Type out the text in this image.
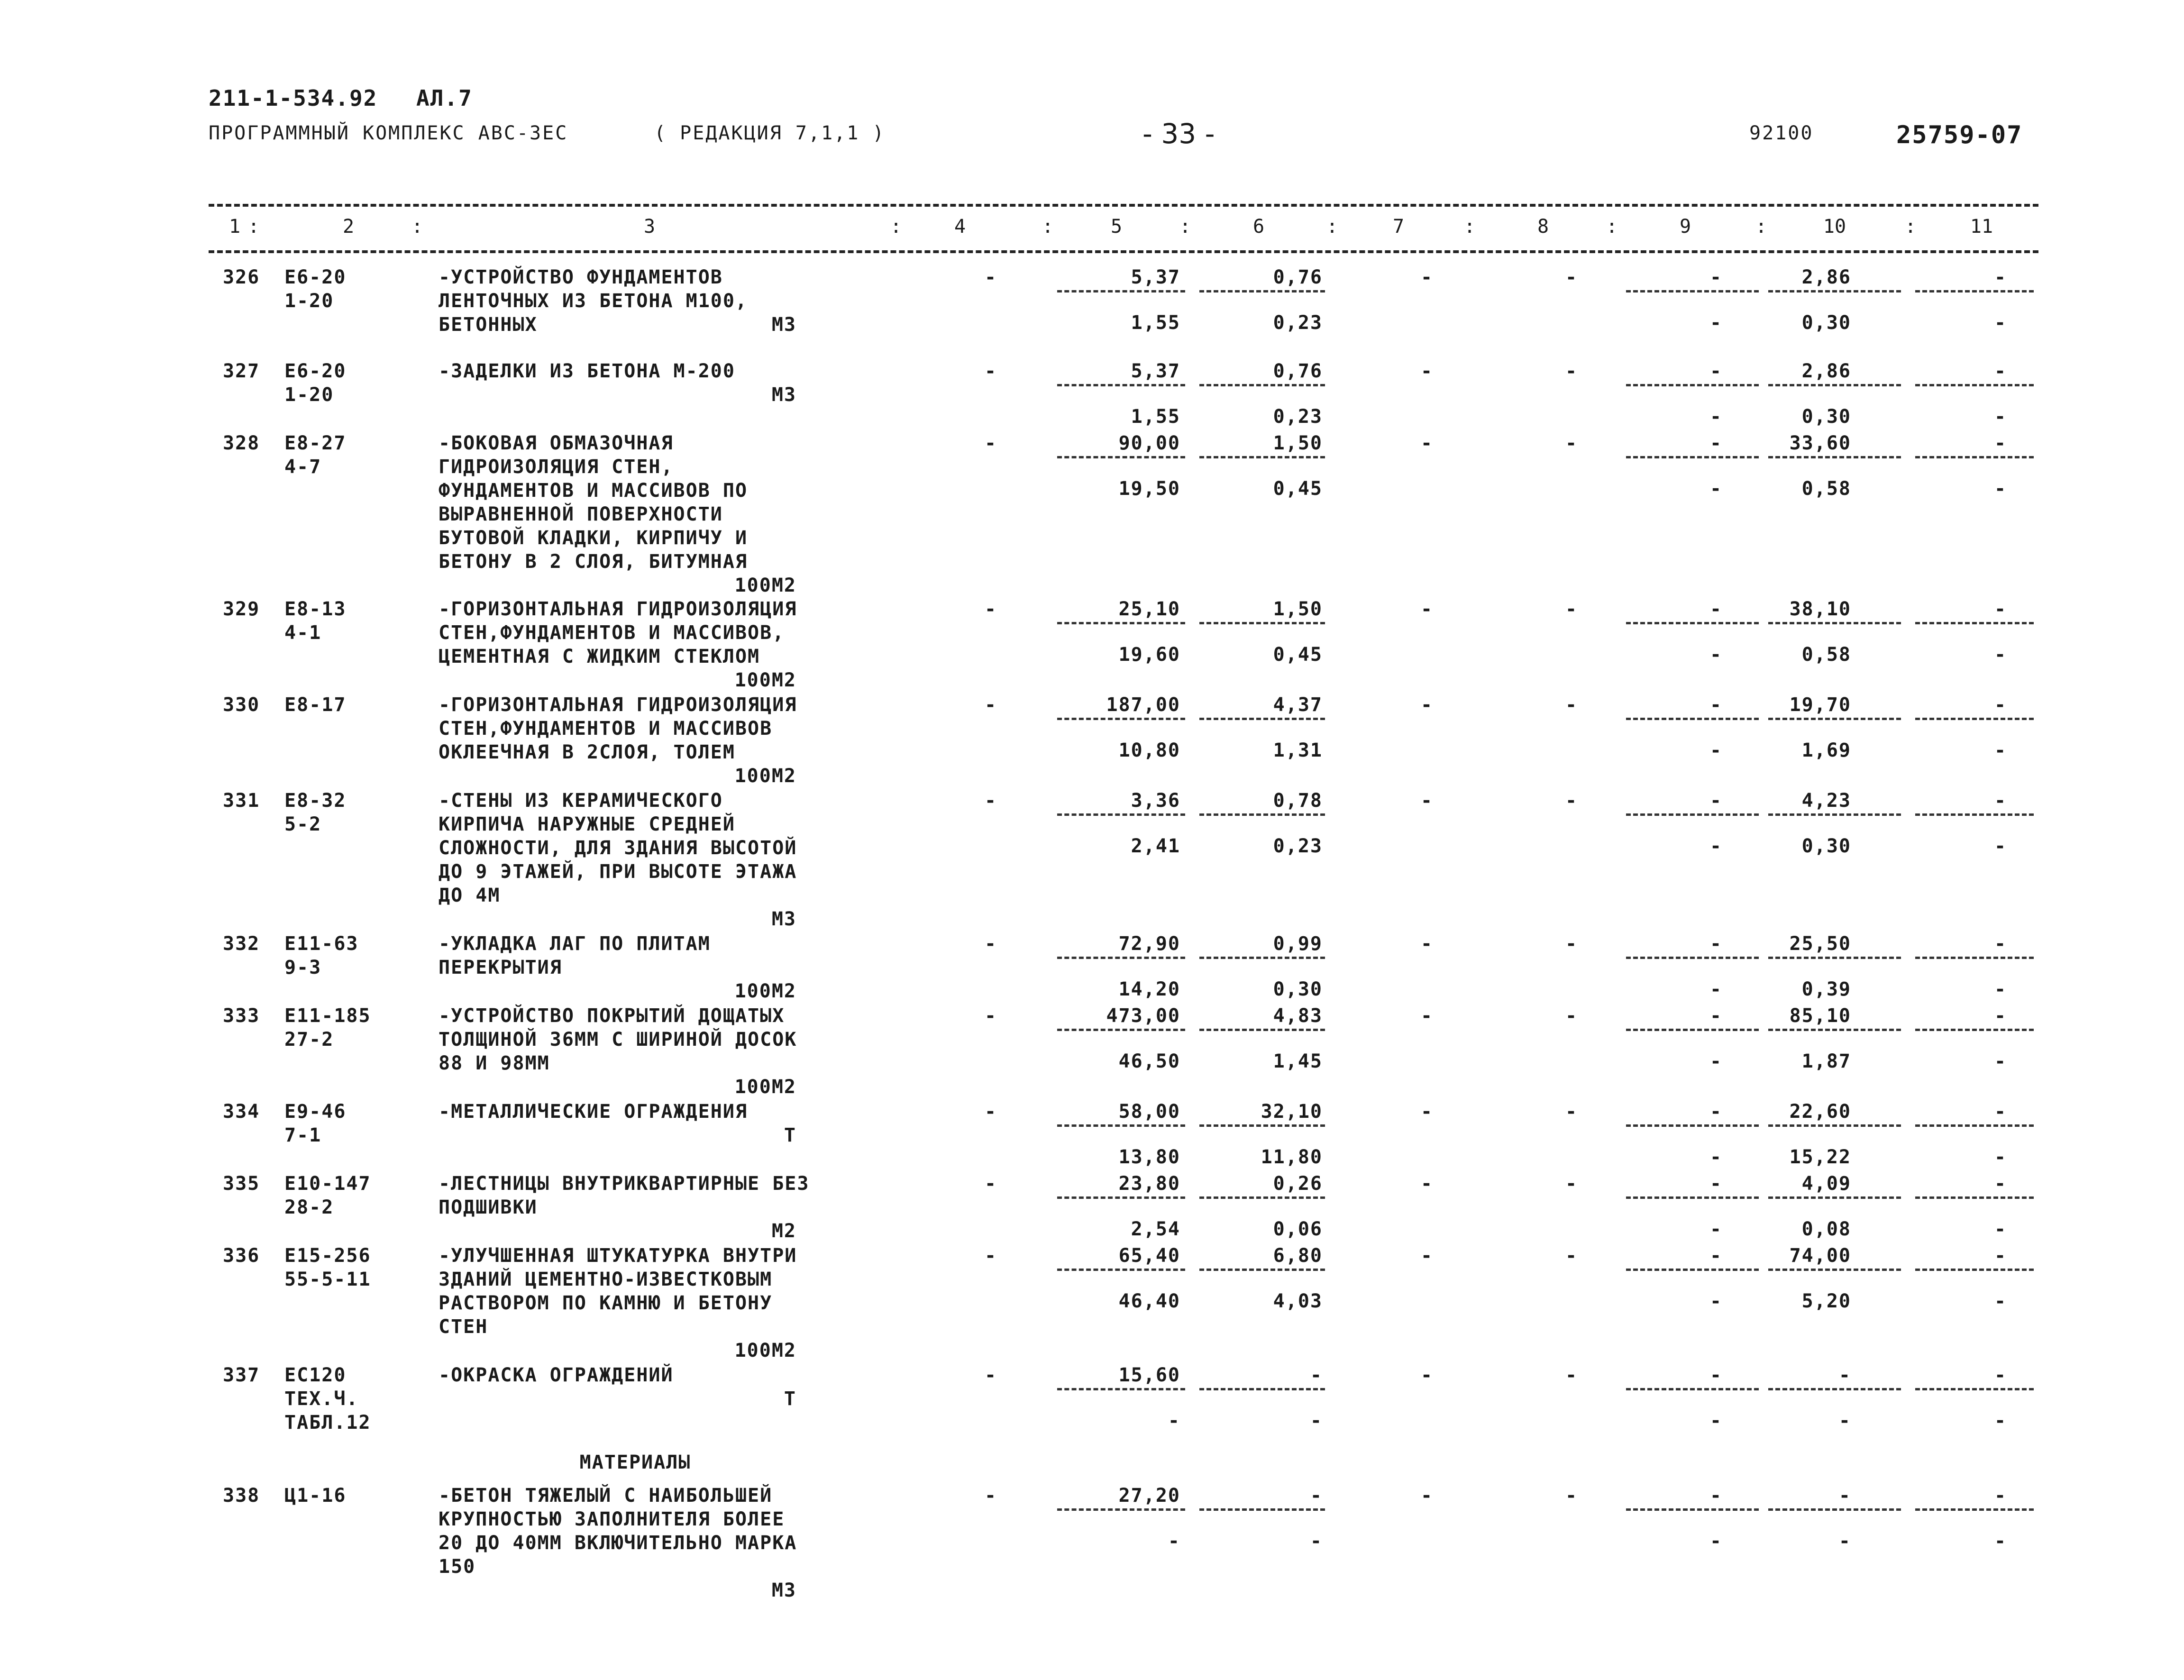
211-1-534.92 АЛ.7
ПРОГРАММНЫЙ КОМПЛЕКС АВС-3ЕС	( РЕДАКЦИЯ 7,1,1 )	- 33 -	92100	25759-07
1	2	3	4	5	6	7	8	9	10	11
:	:	:	:	:	:	:	:	:	:
326 Е6-20
1-20
-УСТРОЙСТВО ФУНДАМЕНТОВ
ЛЕНТОЧНЫХ ИЗ БЕТОНА М100,
БЕТОННЫХ	М3
-	5,37	0,76	-	-	-	2,86	-
1,55	0,23	-	0,30	-
327 Е6-20
1-20
-ЗАДЕЛКИ ИЗ БЕТОНА М-200
М3
-	5,37	0,76	-	-	-	2,86	-
1,55	0,23	-	0,30	-
328 Е8-27
4-7
-БОКОВАЯ ОБМАЗОЧНАЯ
ГИДРОИЗОЛЯЦИЯ СТЕН,
ФУНДАМЕНТОВ И МАССИВОВ ПО
ВЫРАВНЕННОЙ ПОВЕРХНОСТИ
БУТОВОЙ КЛАДКИ, КИРПИЧУ И
БЕТОНУ В 2 СЛОЯ, БИТУМНАЯ
100М2
-	90,00	1,50	-	-	-	33,60	-
19,50	0,45	-	0,58	-
329 Е8-13
4-1
-ГОРИЗОНТАЛЬНАЯ ГИДРОИЗОЛЯЦИЯ
СТЕН,ФУНДАМЕНТОВ И МАССИВОВ,
ЦЕМЕНТНАЯ С ЖИДКИМ СТЕКЛОМ
100М2
-	25,10	1,50	-	-	-	38,10	-
19,60	0,45	-	0,58	-
330 Е8-17	-ГОРИЗОНТАЛЬНАЯ ГИДРОИЗОЛЯЦИЯ
СТЕН,ФУНДАМЕНТОВ И МАССИВОВ
ОКЛЕЕЧНАЯ В 2СЛОЯ, ТОЛЕМ
100М2
-	187,00	4,37	-	-	-	19,70	-
10,80	1,31	-	1,69	-
331 Е8-32
5-2
-СТЕНЫ ИЗ КЕРАМИЧЕСКОГО
КИРПИЧА НАРУЖНЫЕ СРЕДНЕЙ
СЛОЖНОСТИ, ДЛЯ ЗДАНИЯ ВЫСОТОЙ
ДО 9 ЭТАЖЕЙ, ПРИ ВЫСОТЕ ЭТАЖА
ДО 4М
М3
-	3,36	0,78	-	-	-	4,23	-
2,41	0,23	-	0,30	-
332 Е11-63
9-3
-УКЛАДКА ЛАГ ПО ПЛИТАМ
ПЕРЕКРЫТИЯ
100М2
-	72,90	0,99	-	-	-	25,50	-
14,20	0,30	-	0,39	-
333 Е11-185
27-2
-УСТРОЙСТВО ПОКРЫТИЙ ДОЩАТЫХ
ТОЛЩИНОЙ 36ММ С ШИРИНОЙ ДОСОК
88 И 98ММ
100М2
-	473,00	4,83	-	-	-	85,10	-
46,50	1,45	-	1,87	-
334 Е9-46
7-1
-МЕТАЛЛИЧЕСКИЕ ОГРАЖДЕНИЯ
Т
-	58,00	32,10	-	-	-	22,60	-
13,80	11,80	-	15,22	-
335 Е10-147
28-2
-ЛЕСТНИЦЫ ВНУТРИКВАРТИРНЫЕ БЕЗ
ПОДШИВКИ
М2
-	23,80	0,26	-	-	-	4,09	-
2,54	0,06	-	0,08	-
336 Е15-256
55-5-11
-УЛУЧШЕННАЯ ШТУКАТУРКА ВНУТРИ
ЗДАНИЙ ЦЕМЕНТНО-ИЗВЕСТКОВЫМ
РАСТВОРОМ ПО КАМНЮ И БЕТОНУ
СТЕН
100М2
-	65,40	6,80	-	-	-	74,00	-
46,40	4,03	-	5,20	-
337 ЕС120
ТЕХ.Ч.
ТАБЛ.12
-ОКРАСКА ОГРАЖДЕНИЙ
Т
-	15,60	-	-	-	-	-	-
-	-	-	-	-
338 Ц1-16	-БЕТОН ТЯЖЕЛЫЙ С НАИБОЛЬШЕЙ
КРУПНОСТЬЮ ЗАПОЛНИТЕЛЯ БОЛЕЕ
20 ДО 40ММ ВКЛЮЧИТЕЛЬНО МАРКА
150
М3
-	27,20	-	-	-	-	-	-
-	-	-	-	-
МАТЕРИАЛЫ
